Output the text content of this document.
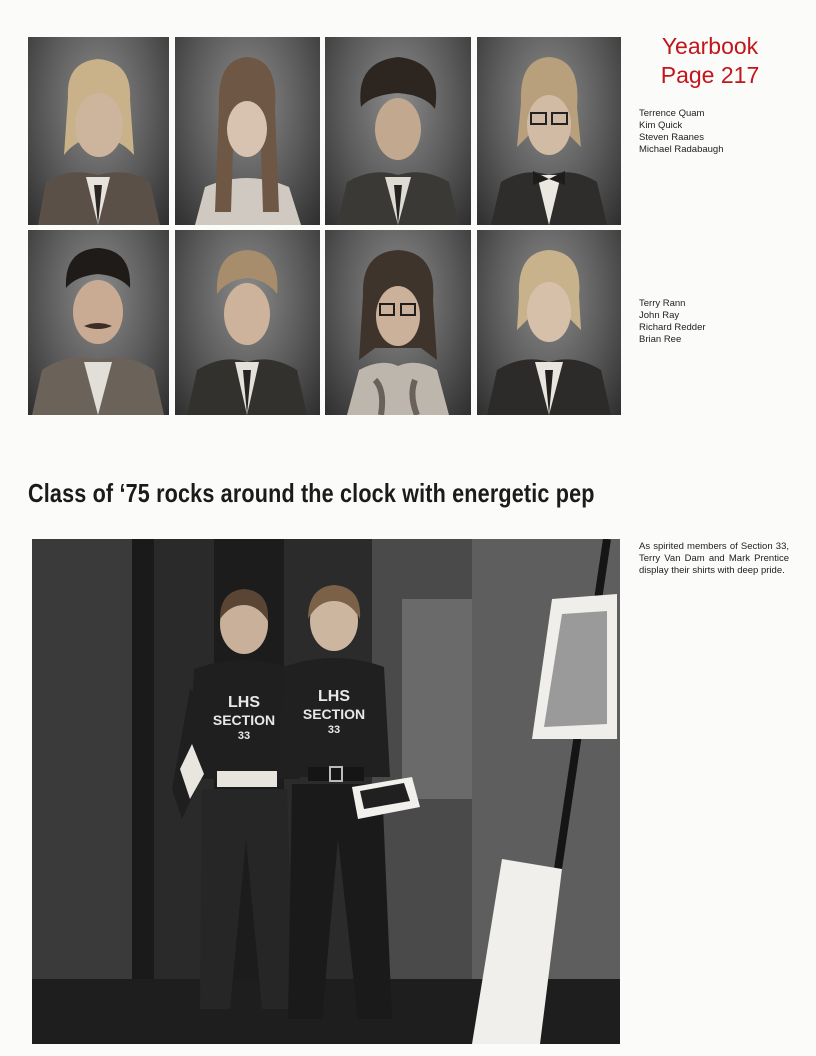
Yearbook
Page 217
Terrence Quam
Kim Quick
Steven Raanes
Michael Radabaugh
Terry Rann
John Ray
Richard Redder
Brian Ree
Class of ‘75 rocks around the clock with energetic pep
As spirited members of Section 33, Terry Van Dam and Mark Prentice display their shirts with deep pride.
LHS
SECTION
33
LHS
SECTION
33
